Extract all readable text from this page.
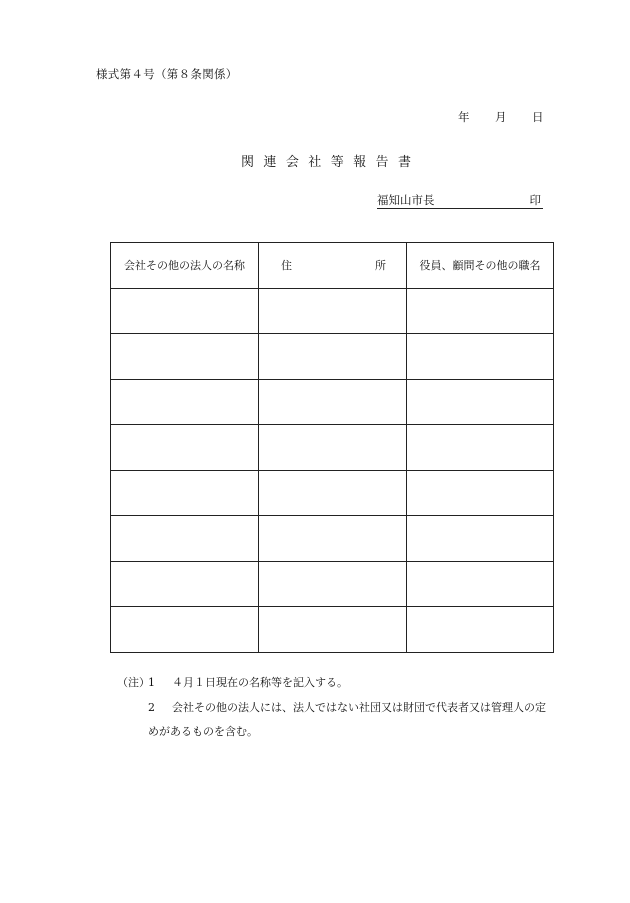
様式第４号（第８条関係）
年 月 日
関 連 会 社 等 報 告 書
福知山市長	印
会社その他の法人の名称	住 所	役員、顧問その他の職名

（注）
1 ４月１日現在の名称等を記入する。
2 会社その他の法人には、法人ではない社団又は財団で代表者又は管理人の定
めがあるものを含む。
